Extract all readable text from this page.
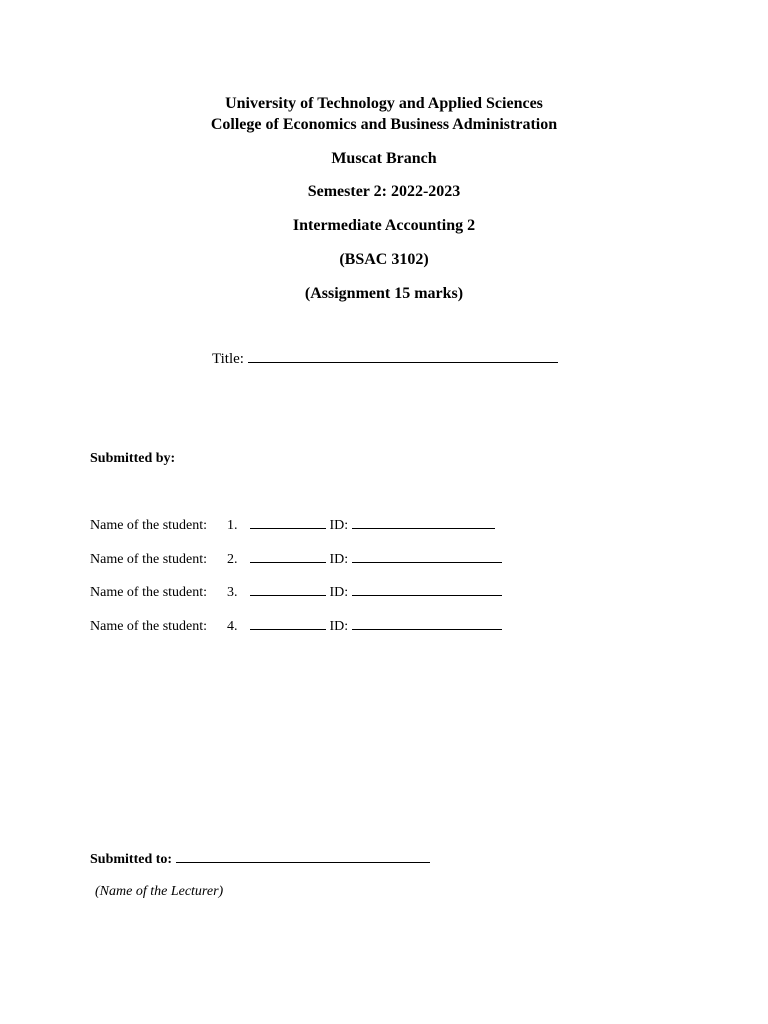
University of Technology and Applied Sciences
College of Economics and Business Administration
Muscat Branch
Semester 2: 2022-2023
Intermediate Accounting 2
(BSAC 3102)
(Assignment 15 marks)
Title:
Submitted by:
Name of the student: 1.	ID:
Name of the student: 2.	ID:
Name of the student: 3.	ID:
Name of the student: 4.	ID:
Submitted to:
(Name of the Lecturer)
